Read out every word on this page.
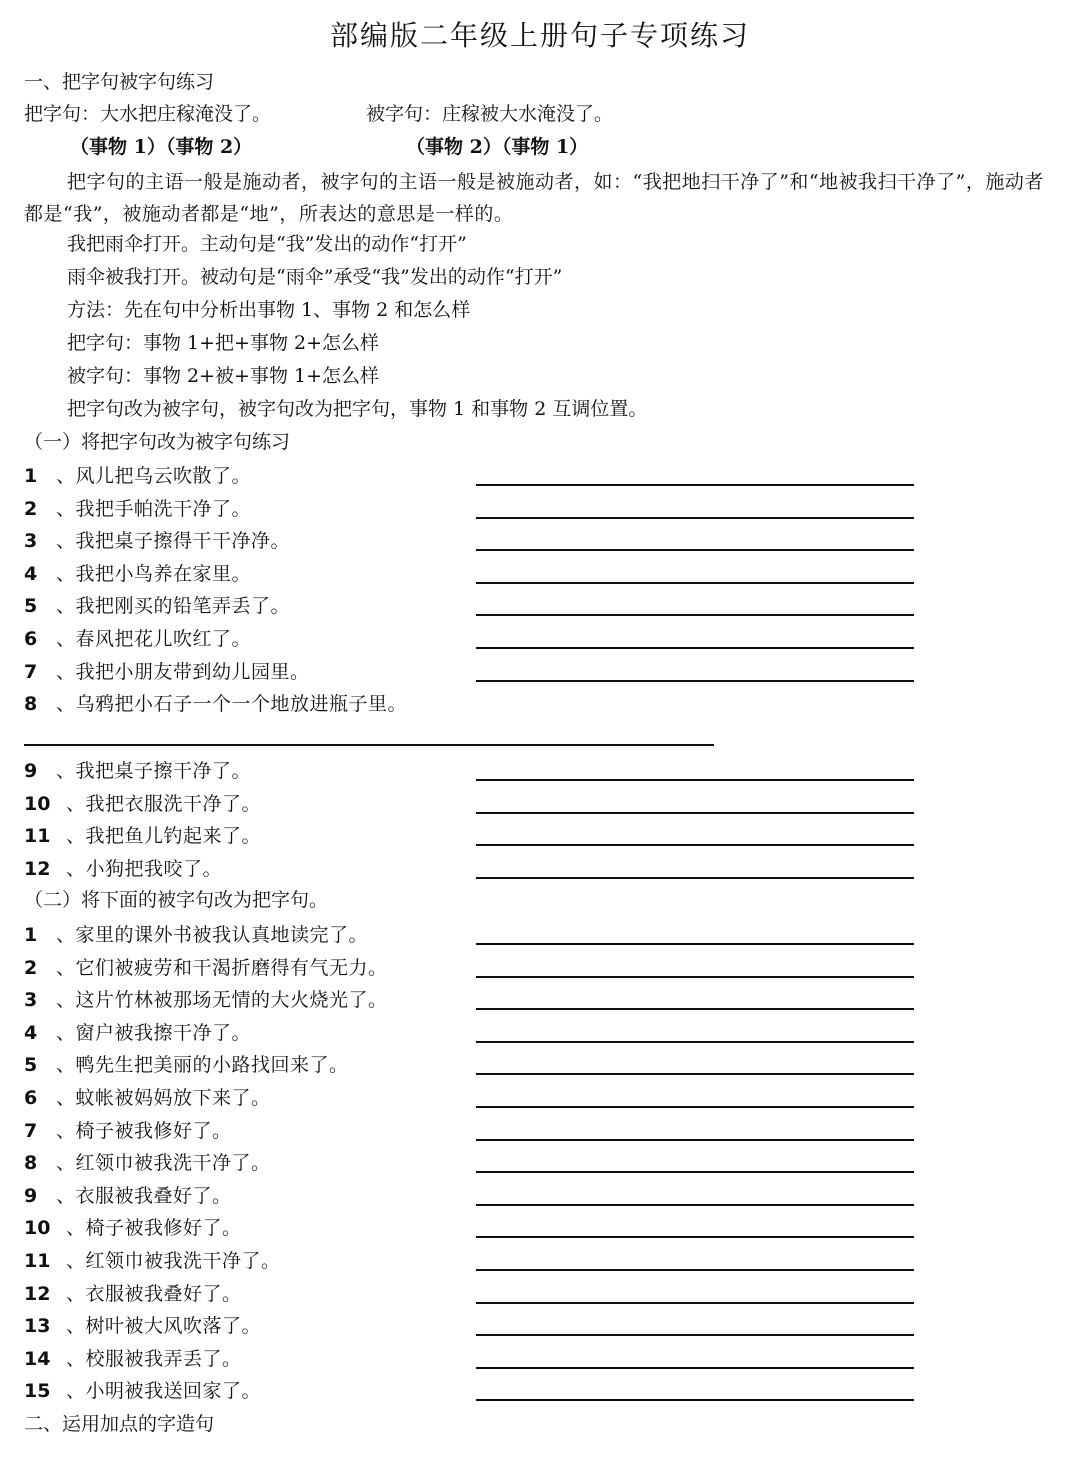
部编版二年级上册句子专项练习
一、把字句被字句练习
把字句：大水把庄稼淹没了。	被字句：庄稼被大水淹没了。
（事物 1）（事物 2）	（事物 2）（事物 1）
把字句的主语一般是施动者，被字句的主语一般是被施动者，如：“我把地扫干净了”和“地被我扫干净了”，施动者都是“我”，被施动者都是“地”，所表达的意思是一样的。
我把雨伞打开。主动句是“我”发出的动作“打开”
雨伞被我打开。被动句是“雨伞”承受“我”发出的动作“打开”
方法：先在句中分析出事物 1、事物 2 和怎么样
把字句：事物 1+把+事物 2+怎么样
被字句：事物 2+被+事物 1+怎么样
把字句改为被字句，被字句改为把字句，事物 1 和事物 2 互调位置。
（一）将把字句改为被字句练习
1 、风儿把乌云吹散了。
2 、我把手帕洗干净了。
3 、我把桌子擦得干干净净。
4 、我把小鸟养在家里。
5 、我把刚买的铅笔弄丢了。
6 、春风把花儿吹红了。
7 、我把小朋友带到幼儿园里。
8 、乌鸦把小石子一个一个地放进瓶子里。
9 、我把桌子擦干净了。
10 、我把衣服洗干净了。
11 、我把鱼儿钓起来了。
12 、小狗把我咬了。
（二）将下面的被字句改为把字句。
1 、家里的课外书被我认真地读完了。
2 、它们被疲劳和干渴折磨得有气无力。
3 、这片竹林被那场无情的大火烧光了。
4 、窗户被我擦干净了。
5 、鸭先生把美丽的小路找回来了。
6 、蚊帐被妈妈放下来了。
7 、椅子被我修好了。
8 、红领巾被我洗干净了。
9 、衣服被我叠好了。
10 、椅子被我修好了。
11 、红领巾被我洗干净了。
12 、衣服被我叠好了。
13 、树叶被大风吹落了。
14 、校服被我弄丢了。
15 、小明被我送回家了。
二、运用加点的字造句
